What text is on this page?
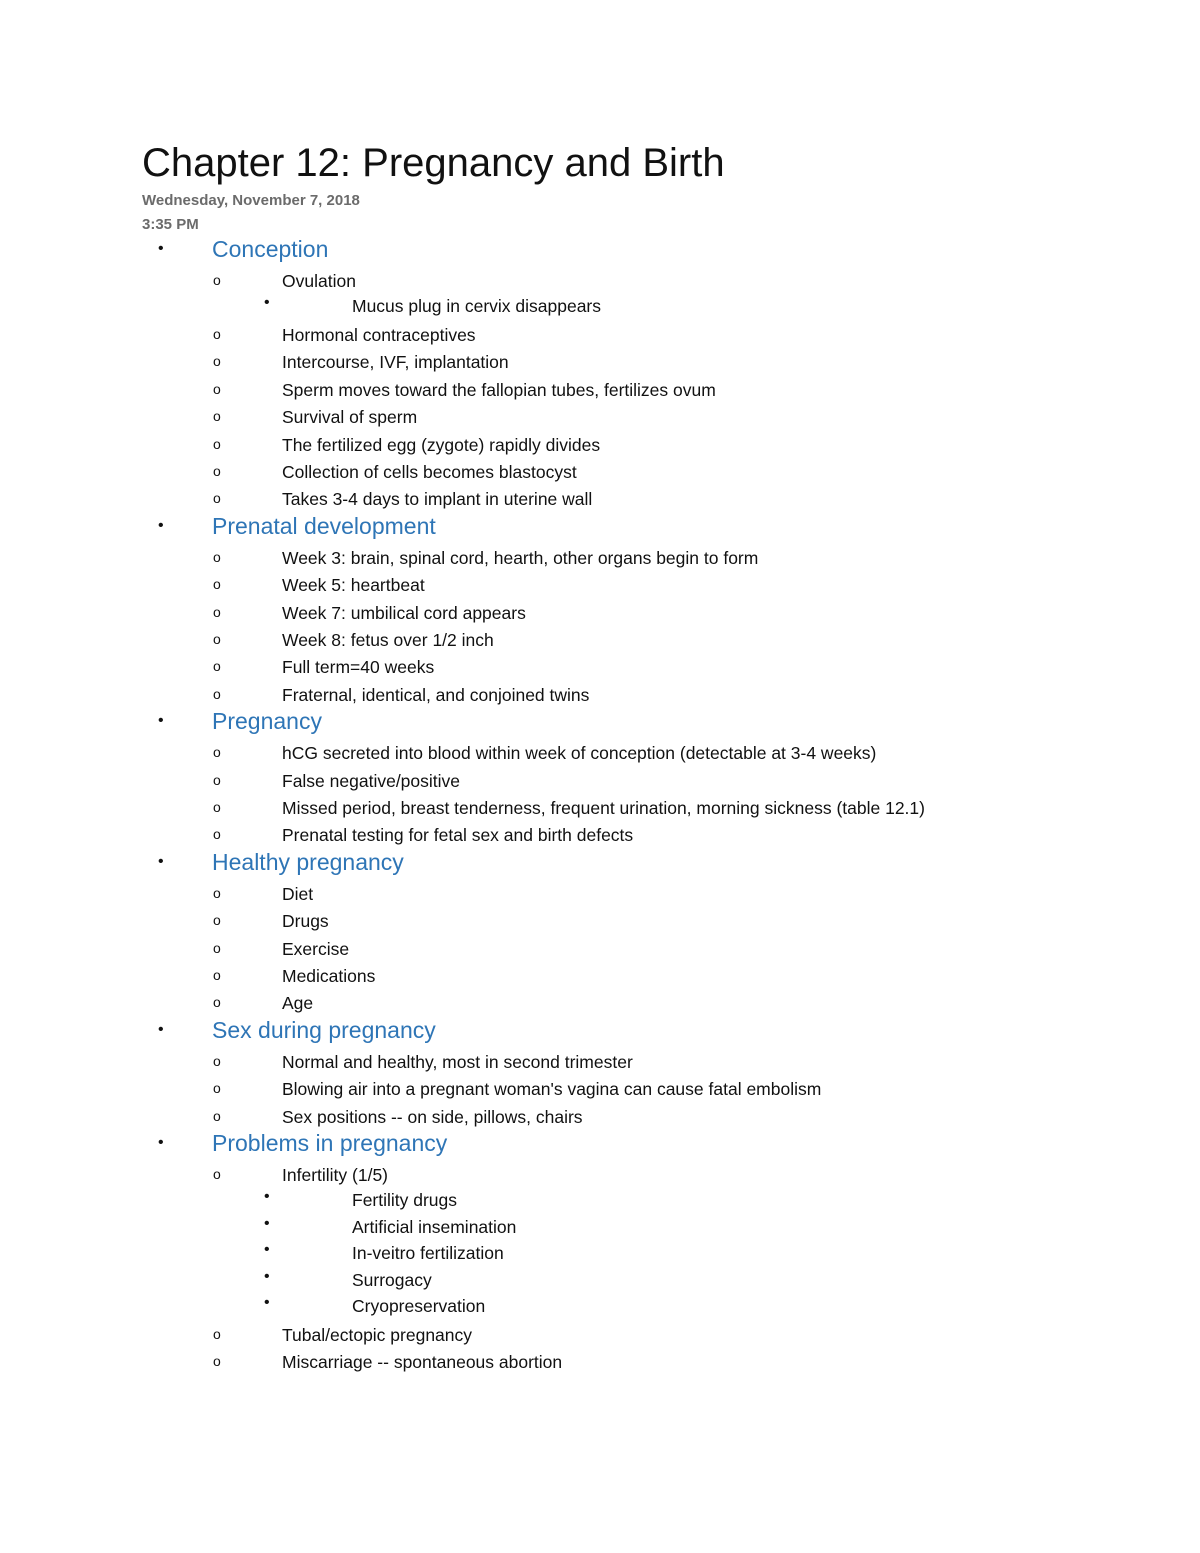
Chapter 12: Pregnancy and Birth
Wednesday, November 7, 2018
3:35 PM
• Conception
o	Ovulation
•	Mucus plug in cervix disappears
o	Hormonal contraceptives
o	Intercourse, IVF, implantation
o	Sperm moves toward the fallopian tubes, fertilizes ovum
o	Survival of sperm
o	The fertilized egg (zygote) rapidly divides
o	Collection of cells becomes blastocyst
o	Takes 3-4 days to implant in uterine wall
• Prenatal development
o	Week 3: brain, spinal cord, hearth, other organs begin to form
o	Week 5: heartbeat
o	Week 7: umbilical cord appears
o	Week 8: fetus over 1/2 inch
o	Full term=40 weeks
o	Fraternal, identical, and conjoined twins
• Pregnancy
o	hCG secreted into blood within week of conception (detectable at 3-4 weeks)
o	False negative/positive
o	Missed period, breast tenderness, frequent urination, morning sickness (table 12.1)
o	Prenatal testing for fetal sex and birth defects
• Healthy pregnancy
o	Diet
o	Drugs
o	Exercise
o	Medications
o	Age
• Sex during pregnancy
o	Normal and healthy, most in second trimester
o	Blowing air into a pregnant woman's vagina can cause fatal embolism
o	Sex positions -- on side, pillows, chairs
• Problems in pregnancy
o	Infertility (1/5)
•	Fertility drugs
•	Artificial insemination
•	In-veitro fertilization
•	Surrogacy
•	Cryopreservation
o	Tubal/ectopic pregnancy
o	Miscarriage -- spontaneous abortion
